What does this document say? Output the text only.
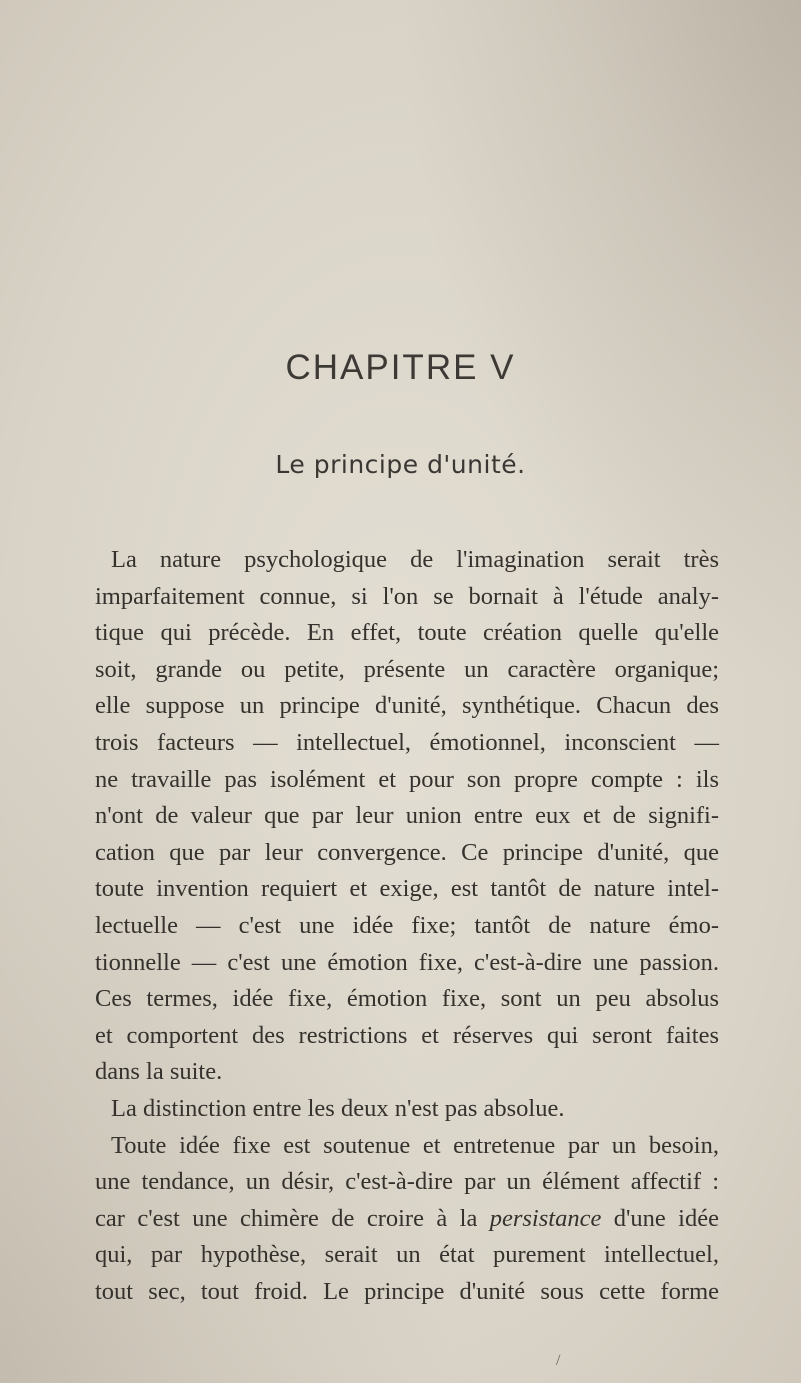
CHAPITRE V
Le principe d'unité.
La nature psychologique de l'imagination serait très
imparfaitement connue, si l'on se bornait à l'étude analy-
tique qui précède. En effet, toute création quelle qu'elle
soit, grande ou petite, présente un caractère organique;
elle suppose un principe d'unité, synthétique. Chacun des
trois facteurs — intellectuel, émotionnel, inconscient —
ne travaille pas isolément et pour son propre compte : ils
n'ont de valeur que par leur union entre eux et de signifi-
cation que par leur convergence. Ce principe d'unité, que
toute invention requiert et exige, est tantôt de nature intel-
lectuelle — c'est une idée fixe; tantôt de nature émo-
tionnelle — c'est une émotion fixe, c'est-à-dire une passion.
Ces termes, idée fixe, émotion fixe, sont un peu absolus
et comportent des restrictions et réserves qui seront faites
dans la suite.
La distinction entre les deux n'est pas absolue.
Toute idée fixe est soutenue et entretenue par un besoin,
une tendance, un désir, c'est-à-dire par un élément affectif :
car c'est une chimère de croire à la persistance d'une idée
qui, par hypothèse, serait un état purement intellectuel,
tout sec, tout froid. Le principe d'unité sous cette forme
/
